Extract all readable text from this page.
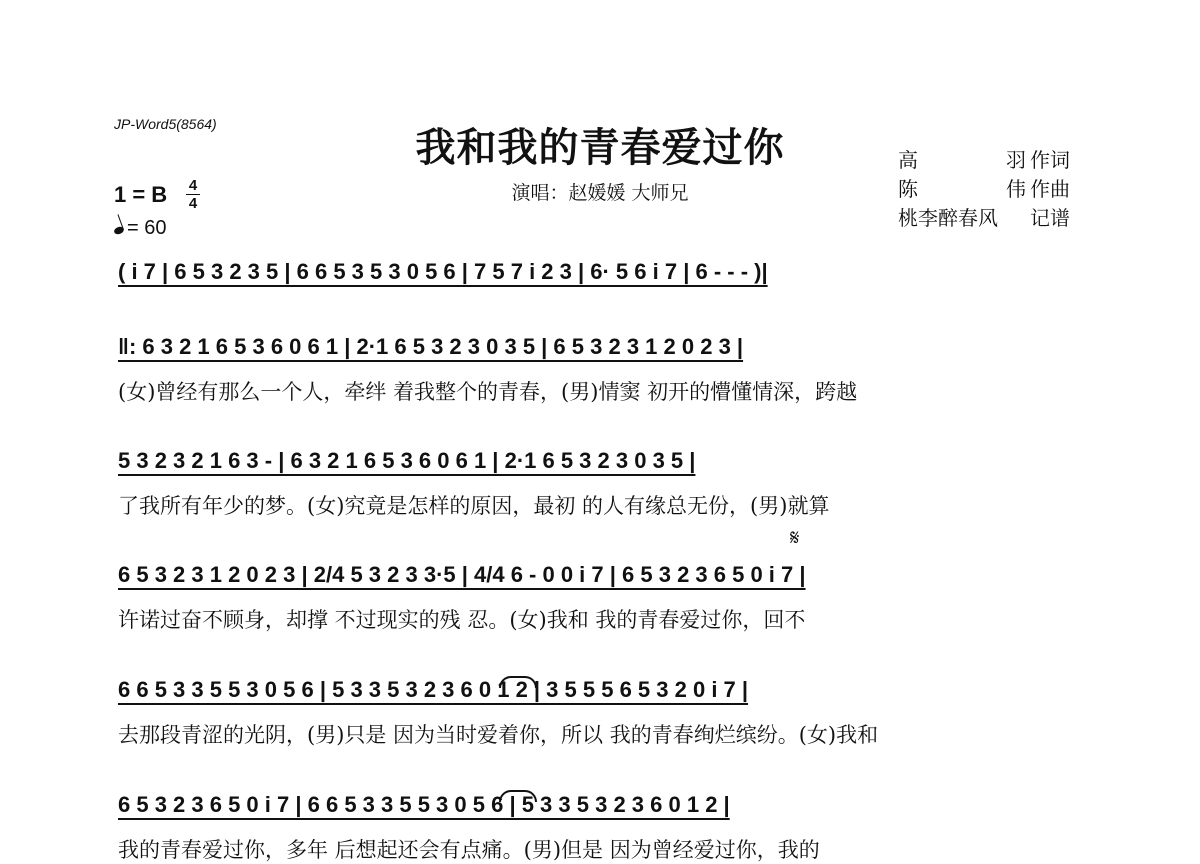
JP-Word5(8564)	我和我的青春爱过你
演唱：赵媛媛 大师兄
高	羽 作词
陈	伟 作曲
桃李醉春风	记谱
1 = B 4
4
= 60
𝄋
( i 7 | 6 5 3 2 3 5 | 6 6 5 3 5 3 0 5 6 | 7 5 7 i 2 3 | 6· 5 6 i 7 | 6 - - - )|
‖: 6 3 2 1 6 5 3 6 0 6 1 | 2·1 6 5 3 2 3 0 3 5 | 6 5 3 2 3 1 2 0 2 3 |
(女)曾经有那么一个人，牵绊 着我整个的青春，(男)情窦 初开的懵懂情深，跨越
5 3 2 3 2 1 6 3 - | 6 3 2 1 6 5 3 6 0 6 1 | 2·1 6 5 3 2 3 0 3 5 |
了我所有年少的梦。(女)究竟是怎样的原因，最初 的人有缘总无份，(男)就算
6 5 3 2 3 1 2 0 2 3 | 2/4 5 3 2 3 3·5 | 4/4 6 - 0 0 i 7 | 6 5 3 2 3 6 5 0 i 7 |
许诺过奋不顾身，却撑 不过现实的残 忍。(女)我和 我的青春爱过你，回不
6 6 5 3 3 5 5 3 0 5 6 | 5 3 3 5 3 2 3 6 0 1 2 | 3 5 5 5 6 5 3 2 0 i 7 |
去那段青涩的光阴，(男)只是 因为当时爱着你，所以 我的青春绚烂缤纷。(女)我和
6 5 3 2 3 6 5 0 i 7 | 6 6 5 3 3 5 5 3 0 5 6 | 5 3 3 5 3 2 3 6 0 1 2 |
我的青春爱过你，多年 后想起还会有点痛。(男)但是 因为曾经爱过你，我的
